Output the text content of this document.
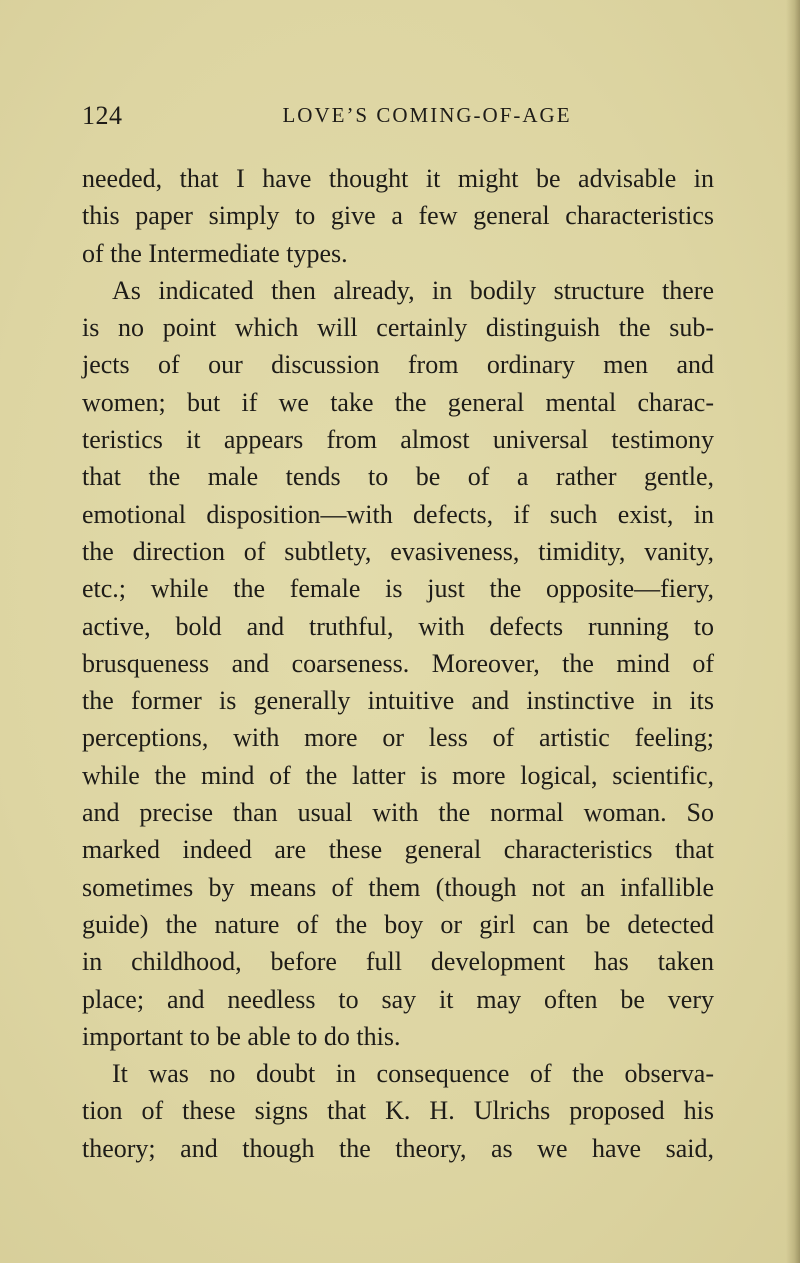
124	LOVE’S COMING-OF-AGE
needed, that I have thought it might be advisable in
this paper simply to give a few general characteristics
of the Intermediate types.
As indicated then already, in bodily structure there
is no point which will certainly distinguish the sub-
jects of our discussion from ordinary men and
women; but if we take the general mental charac-
teristics it appears from almost universal testimony
that the male tends to be of a rather gentle,
emotional disposition—with defects, if such exist, in
the direction of subtlety, evasiveness, timidity, vanity,
etc.; while the female is just the opposite—fiery,
active, bold and truthful, with defects running to
brusqueness and coarseness. Moreover, the mind of
the former is generally intuitive and instinctive in its
perceptions, with more or less of artistic feeling;
while the mind of the latter is more logical, scientific,
and precise than usual with the normal woman. So
marked indeed are these general characteristics that
sometimes by means of them (though not an infallible
guide) the nature of the boy or girl can be detected
in childhood, before full development has taken
place; and needless to say it may often be very
important to be able to do this.
It was no doubt in consequence of the observa-
tion of these signs that K. H. Ulrichs proposed his
theory; and though the theory, as we have said,
